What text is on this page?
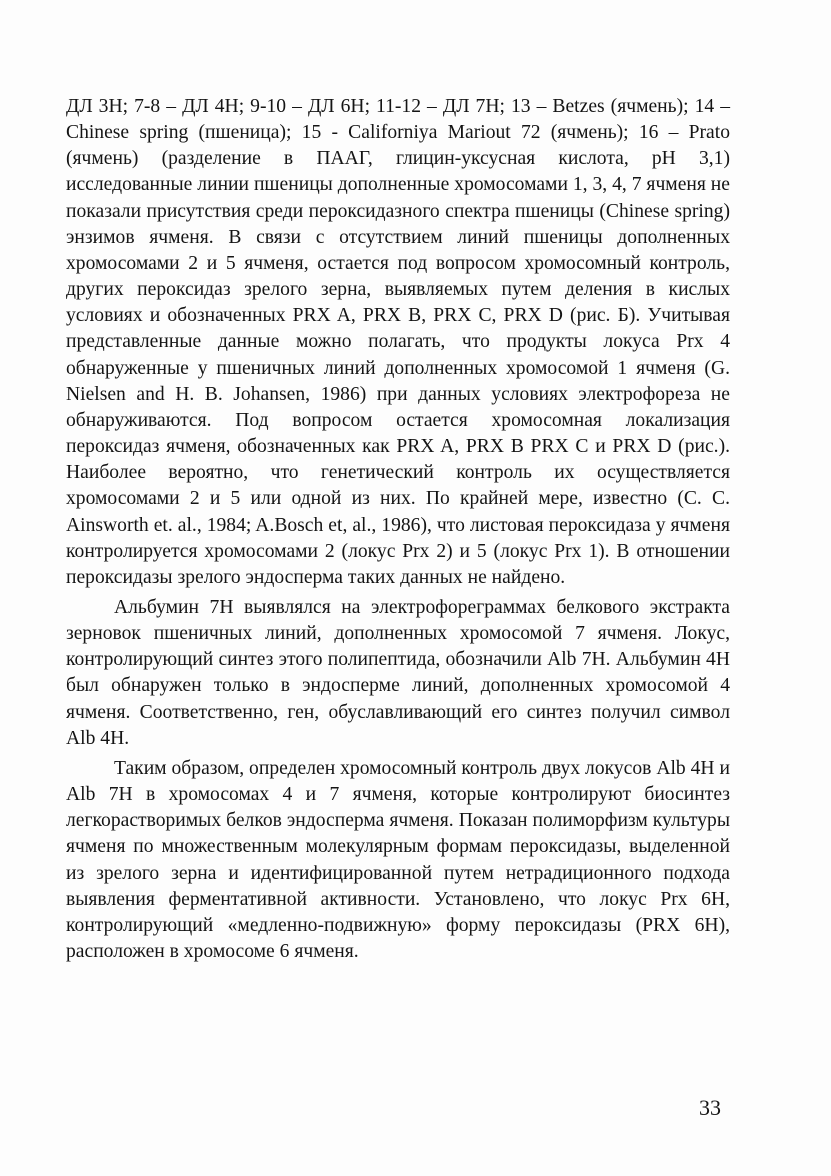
ДЛ 3Н; 7-8 – ДЛ 4Н; 9-10 – ДЛ 6Н; 11-12 – ДЛ 7Н; 13 – Betzes (ячмень); 14 – Chinese spring (пшеница); 15 - Californiya Mariout 72 (ячмень); 16 – Prato (ячмень) (разделение в ПААГ, глицин-уксусная кислота, pH 3,1) исследованные линии пшеницы дополненные хромосомами 1, 3, 4, 7 ячменя не показали присутствия среди пероксидазного спектра пшеницы (Chinese spring) энзимов ячменя. В связи с отсутствием линий пшеницы дополненных хромосомами 2 и 5 ячменя, остается под вопросом хромосомный контроль, других пероксидаз зрелого зерна, выявляемых путем деления в кислых условиях и обозначенных PRX A, PRX B, PRX C, PRX D (рис. Б). Учитывая представленные данные можно полагать, что продукты локуса Prx 4 обнаруженные у пшеничных линий дополненных хромосомой 1 ячменя (G. Nielsen and H. B. Johansen, 1986) при данных условиях электрофореза не обнаруживаются. Под вопросом остается хромосомная локализация пероксидаз ячменя, обозначенных как PRX A, PRX B PRX C и PRX D (рис.). Наиболее вероятно, что генетический контроль их осуществляется хромосомами 2 и 5 или одной из них. По крайней мере, известно (C. C. Ainsworth et. al., 1984; A.Bosch et, al., 1986), что листовая пероксидаза у ячменя контролируется хромосомами 2 (локус Prx 2) и 5 (локус Prx 1). В отношении пероксидазы зрелого эндосперма таких данных не найдено.

Альбумин 7Н выявлялся на электрофореграммах белкового экстракта зерновок пшеничных линий, дополненных хромосомой 7 ячменя. Локус, контролирующий синтез этого полипептида, обозначили Alb 7H. Альбумин 4Н был обнаружен только в эндосперме линий, дополненных хромосомой 4 ячменя. Соответственно, ген, обуславливающий его синтез получил символ Alb 4H.

Таким образом, определен хромосомный контроль двух локусов Alb 4H и Alb 7H в хромосомах 4 и 7 ячменя, которые контролируют биосинтез легкорастворимых белков эндосперма ячменя. Показан полиморфизм культуры ячменя по множественным молекулярным формам пероксидазы, выделенной из зрелого зерна и идентифицированной путем нетрадиционного подхода выявления ферментативной активности. Установлено, что локус Prx 6H, контролирующий «медленно-подвижную» форму пероксидазы (PRX 6H), расположен в хромосоме 6 ячменя.

33
